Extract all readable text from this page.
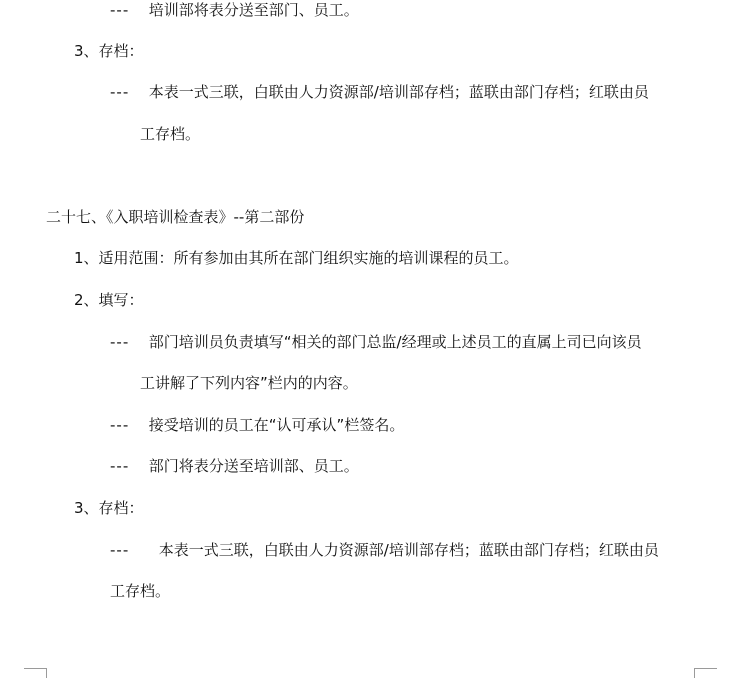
--- 培训部将表分送至部门、员工。
3、存档：
--- 本表一式三联，白联由人力资源部/培训部存档；蓝联由部门存档；红联由员
工存档。
二十七、《入职培训检查表》--第二部份
1、适用范围：所有参加由其所在部门组织实施的培训课程的员工。
2、填写：
--- 部门培训员负责填写“相关的部门总监/经理或上述员工的直属上司已向该员
工讲解了下列内容”栏内的内容。
--- 接受培训的员工在“认可承认”栏签名。
--- 部门将表分送至培训部、员工。
3、存档：
--- 本表一式三联，白联由人力资源部/培训部存档；蓝联由部门存档；红联由员
工存档。
